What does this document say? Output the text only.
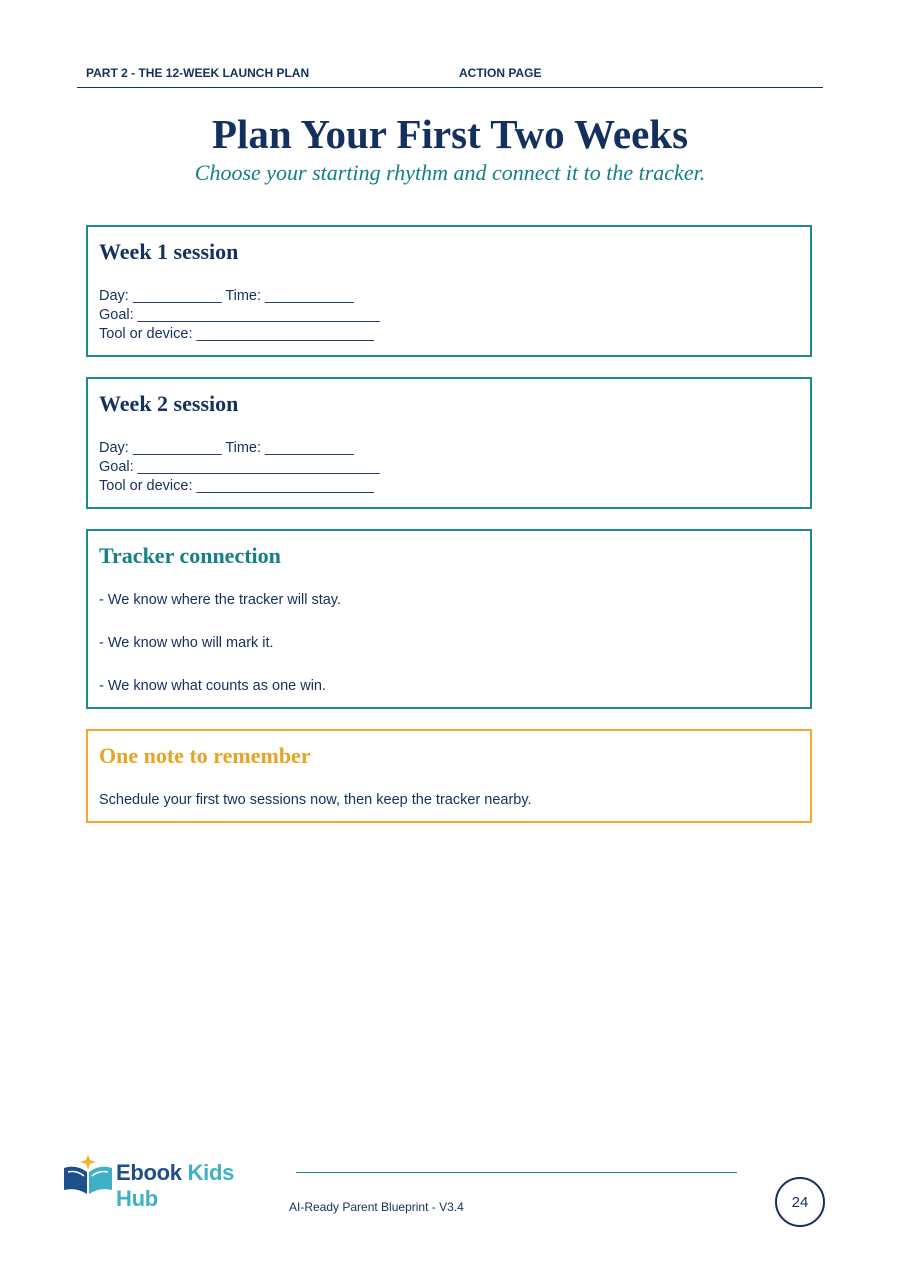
PART 2 - THE 12-WEEK LAUNCH PLAN	ACTION PAGE
Plan Your First Two Weeks
Choose your starting rhythm and connect it to the tracker.
Week 1 session
Day: ___________ Time: ___________
Goal: ______________________________
Tool or device: ______________________
Week 2 session
Day: ___________ Time: ___________
Goal: ______________________________
Tool or device: ______________________
Tracker connection
- We know where the tracker will stay.
- We know who will mark it.
- We know what counts as one win.
One note to remember
Schedule your first two sessions now, then keep the tracker nearby.
Ebook Kids Hub	AI-Ready Parent Blueprint - V3.4	24
